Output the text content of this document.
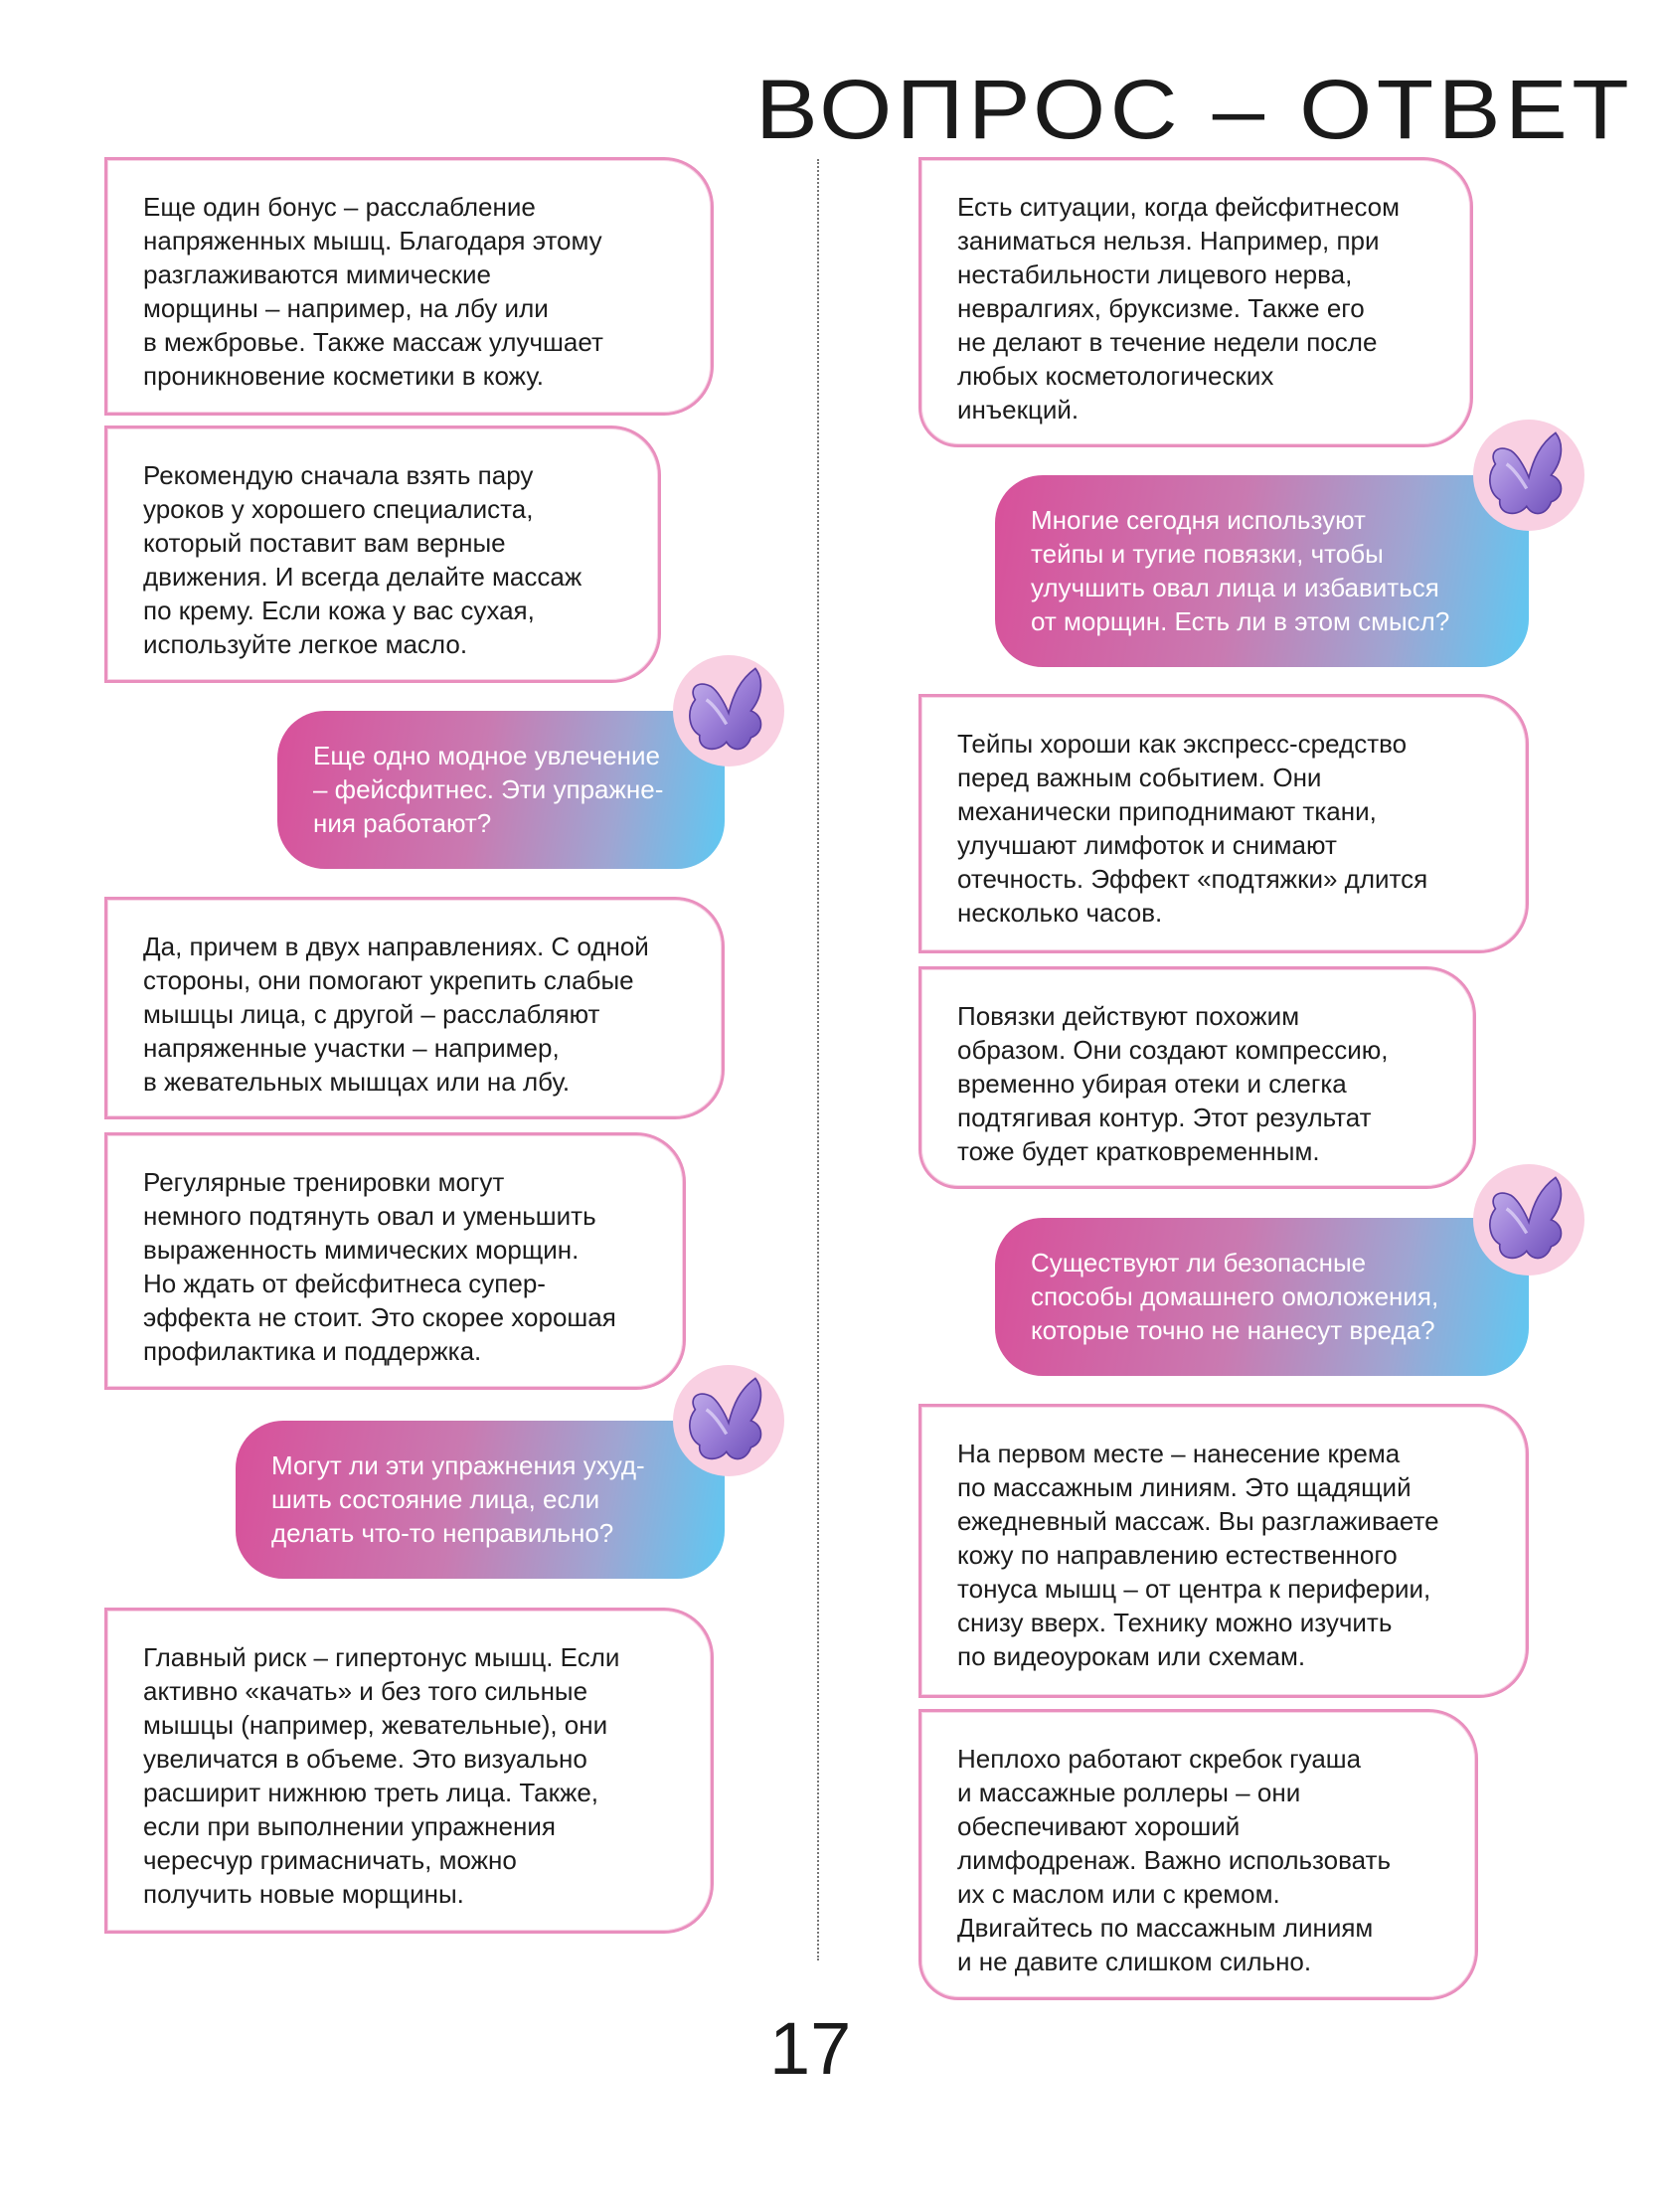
ВОПРОС – ОТВЕТ
Еще один бонус – расслабление
напряженных мышц. Благодаря этому
разглаживаются мимические
морщины – например, на лбу или
в межбровье. Также массаж улучшает
проникновение косметики в кожу.
Рекомендую сначала взять пару
уроков у хорошего специалиста,
который поставит вам верные
движения. И всегда делайте массаж
по крему. Если кожа у вас сухая,
используйте легкое масло.
Еще одно модное увлечение
– фейсфитнес. Эти упражне-
ния работают?
Да, причем в двух направлениях. С одной
стороны, они помогают укрепить слабые
мышцы лица, с другой – расслабляют
напряженные участки – например,
в жевательных мышцах или на лбу.
Регулярные тренировки могут
немного подтянуть овал и уменьшить
выраженность мимических морщин.
Но ждать от фейсфитнеса супер-
эффекта не стоит. Это скорее хорошая
профилактика и поддержка.
Могут ли эти упражнения ухуд-
шить состояние лица, если
делать что-то неправильно?
Главный риск – гипертонус мышц. Если
активно «качать» и без того сильные
мышцы (например, жевательные), они
увеличатся в объеме. Это визуально
расширит нижнюю треть лица. Также,
если при выполнении упражнения
чересчур гримасничать, можно
получить новые морщины.
Есть ситуации, когда фейсфитнесом
заниматься нельзя. Например, при
нестабильности лицевого нерва,
невралгиях, бруксизме. Также его
не делают в течение недели после
любых косметологических
инъекций.
Многие сегодня используют
тейпы и тугие повязки, чтобы
улучшить овал лица и избавиться
от морщин. Есть ли в этом смысл?
Тейпы хороши как экспресс-средство
перед важным событием. Они
механически приподнимают ткани,
улучшают лимфоток и снимают
отечность. Эффект «подтяжки» длится
несколько часов.
Повязки действуют похожим
образом. Они создают компрессию,
временно убирая отеки и слегка
подтягивая контур. Этот результат
тоже будет кратковременным.
Существуют ли безопасные
способы домашнего омоложения,
которые точно не нанесут вреда?
На первом месте – нанесение крема
по массажным линиям. Это щадящий
ежедневный массаж. Вы разглаживаете
кожу по направлению естественного
тонуса мышц – от центра к периферии,
снизу вверх. Технику можно изучить
по видеоурокам или схемам.
Неплохо работают скребок гуаша
и массажные роллеры – они
обеспечивают хороший
лимфодренаж. Важно использовать
их с маслом или с кремом.
Двигайтесь по массажным линиям
и не давите слишком сильно.
17
